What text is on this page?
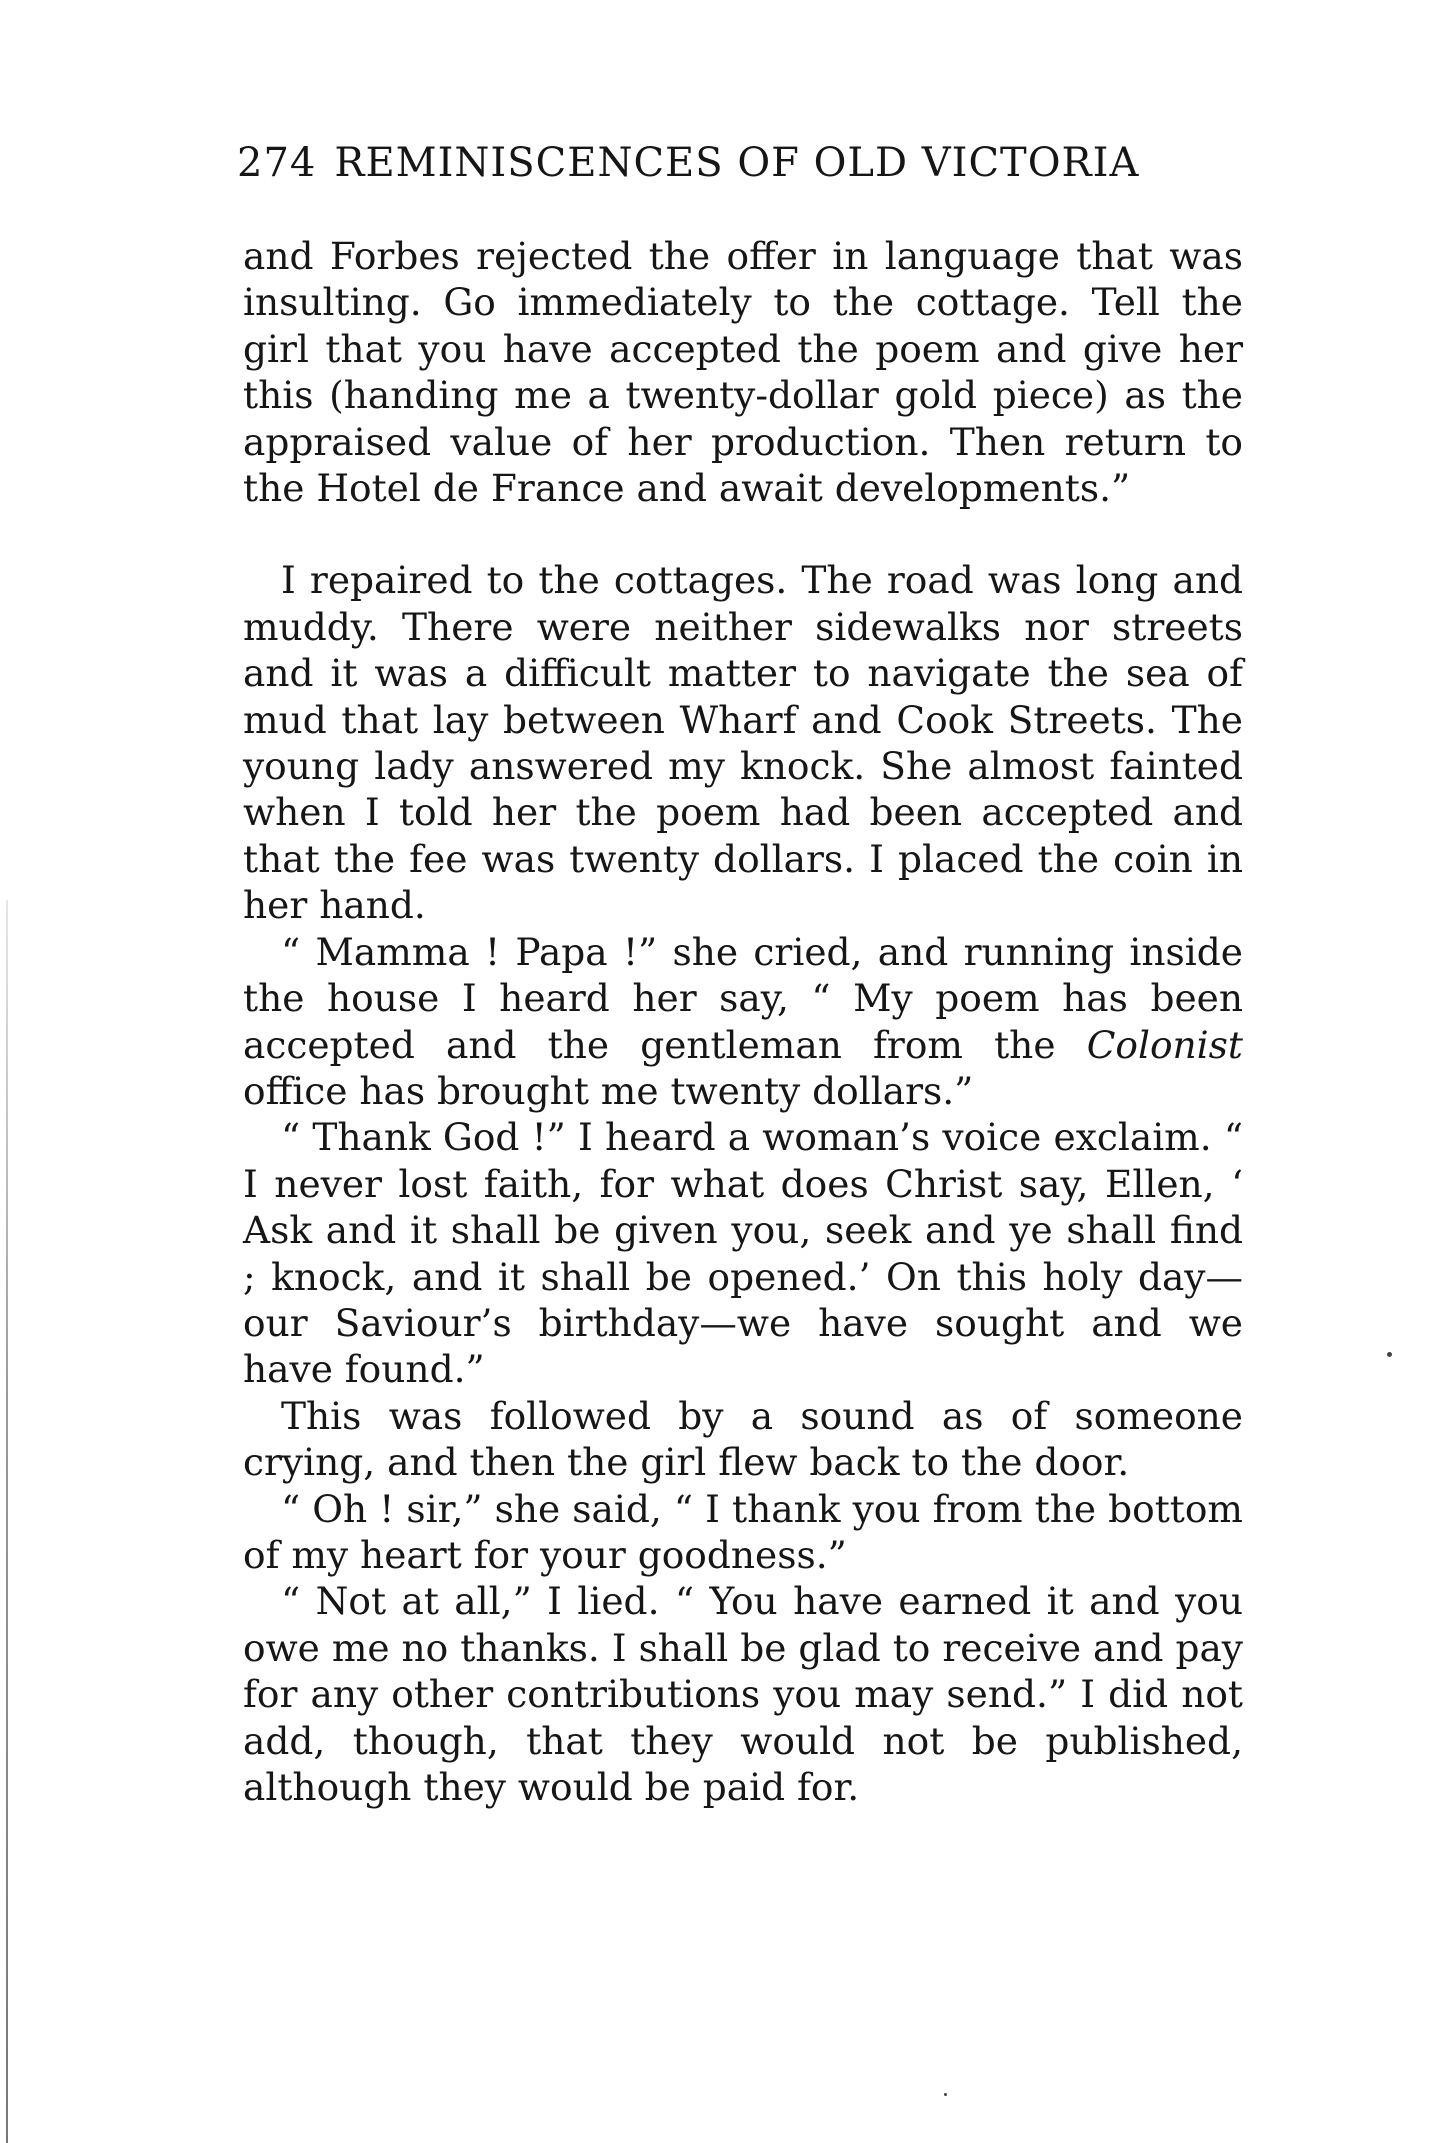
274 REMINISCENCES OF OLD VICTORIA

and Forbes rejected the offer in language that was insulting. Go immediately to the cottage. Tell the girl that you have accepted the poem and give her this (handing me a twenty-dollar gold piece) as the appraised value of her production. Then return to the Hotel de France and await developments.”

I repaired to the cottages. The road was long and muddy. There were neither sidewalks nor streets and it was a difficult matter to navigate the sea of mud that lay between Wharf and Cook Streets. The young lady answered my knock. She almost fainted when I told her the poem had been accepted and that the fee was twenty dollars. I placed the coin in her hand.

“ Mamma ! Papa !” she cried, and running inside the house I heard her say, “ My poem has been accepted and the gentleman from the Colonist office has brought me twenty dollars.”

“ Thank God !” I heard a woman’s voice exclaim. “ I never lost faith, for what does Christ say, Ellen, ‘ Ask and it shall be given you, seek and ye shall find ; knock, and it shall be opened.’ On this holy day—our Saviour’s birthday—we have sought and we have found.”

This was followed by a sound as of someone crying, and then the girl flew back to the door.

“ Oh ! sir,” she said, “ I thank you from the bottom of my heart for your goodness.”

“ Not at all,” I lied. “ You have earned it and you owe me no thanks. I shall be glad to receive and pay for any other contributions you may send.” I did not add, though, that they would not be published, although they would be paid for.
